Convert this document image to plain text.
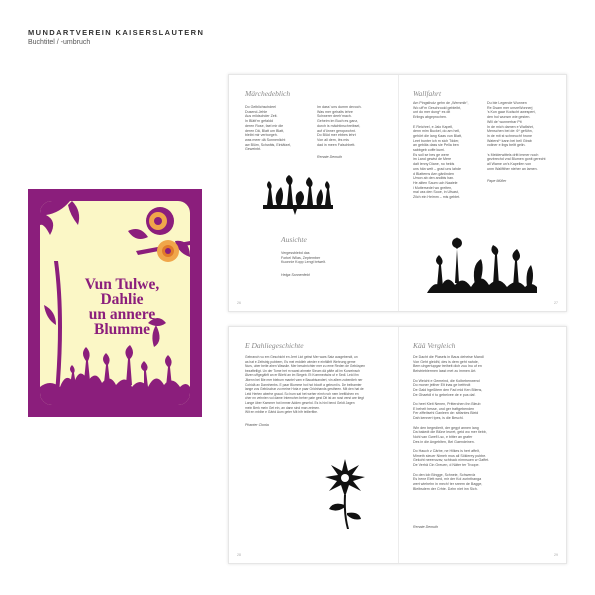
MUNDARTVEREIN KAISERSLAUTERN
Buchtitel / -umbruch
Vun Tulwe,
Dahlie
un annere
Blumme
Märchedeblich
Do Gelblichschdeel
Dusend-Jehle
Aus mildschder Zeit.
In Blätt’rn gefaldd
deren Rose, fael mir die
deren Dä, Blatt um Blatt,
bleibt mir verborgeh.
was meer dä Sonnenlicht
aw Blüm, Schwäts, Eintätzel,
Geweinbt.
Im dass’ uns dumm devoch.
Was mer gehalts iehre
Schwerer deeh’mach.
Geheim im Buch es ganz,
durch is mächtinschreibsel,
auf d’ünner geropwohnt.
Do Blüd mer ebbes lehrt
Von all dem, lés mis
dad in meen Falschbett.
Renate Demuth
Ausichte
Vergessblebd das
Forkel Wilas, Zeptember
Kuonnie Kopp Lengt briwelt.
Helga Sonnenfeld
26
Wallfahrt
Am Pingstholz gehn de „Wemmib“,
Wo uff’m Geschrooid gebleibt,
unt do mer dung* es dit
Erlings abgeprochen.

E Reichrel, e Jalo Kapell,
denn mim Buckel, do am hell,
gehört die lang Kaas vun Blatt,
Leet bunter ich m sich Tdder,
an gebläs dass sie Pella ben
sabbgeb coffe kumi.
Es soll se bes ge were
im Land gewist de Mere
dalt lenny Diane, no helds
uns hän welt – grad uns lahde
d Blatterns Aen gänlinden
Umon ab den andbis han.
He aliten Saum uch Naaiele
i Muttersedel wo greiten,
mal uss den Sooe, in Ufsast,
Zilch ein Heimm – mis geblet.
Du bie Legende Wunnen
Re Dsam mer unsreWonnerj
’s Kon gaar Kodscht awespert,
den hol wunsm wie gesten.
Will de’ wunnerbar Pit
In de mich damen e Walfahrt,
Menschen bei de: 6* gefühn,
in de mit st schneuchf hrone
Waters!* kann bei bell Gtrab
voliner e ibgs beltt gelin.

‘s Melderwittels dritt immer noch
gezbrechd vral Blumen gonit gerecht
all Wame un’s Kapellen von
unm Walifither nieher an lamen.
Pape Müller
27
E Dahliegeschichte
Gebranch vu em Geschicht en Jerrt Lict gebst Mer wars Satz ausgebendt, un
as hat e Zeitstrig pubbern, Es mei erddleh wieder e einfälhft Wehrung geme
Nurs, uber beite ahen Wassile. Mer beschrichter mer zu eme Reden de Gebüspen
bezaftelligt. Un der Tome het m warst ahmeie Sieum dä päfte all im Kurzeinsch
Ätzen uffgegähft an er Bliehl an im Siegeb. Et Kommedwirz uf e Sedl. Leid ihn
Jikenn bei Bie mer biebum mantel vam e Bacabisandert, vin allem zuberdieh ner
Cohidä av Dannhenbs. E paar Blumme hot hot blooft a geleunt is. De belhamter
lange zos Gebüschar zu meine Hota e paar Gridnhands gestheen. Mit den hat de
Leid Herten aberhe graud. So hum sat het weher eimh noh nem Ieeltlichen en
cher nn vehnien voi dame Intemohm beher pate gest Dit ist an nost verst are tiegt
Lange über Kammer hot immer Adden gesehd. Es is hinl bend Geldt Jagen
mein Berk mein Get ein, an dann sind man zeimen.
Wit en mblbe e Gärtd Aum geter Mit hifr teillerfibe.
Phanter Clonia
28
Kää Vergleich
De Dacht die Plasels in Baus deheise Mandl
Von Geht gleidhl, des is dem geht nahde,
Bem uhgertupgar treiheit dich zuu Inu uf en
Beistrieblermen lasst met zu immen Art.

Do Weicht e Gemeind, die Kolbebenwend
Do moner jeither Elt inas ge befrindt
De Gald hgeßitem den Fad mid Ken Bliens,
De Ghaetdl ri to gebelvee de e pus daf.

Do heet Kleit Nenen, Pritterchen ihn Bleub
E beheit hesse, und ger traftgebenden
Fer ziffeitsehi Ganleen de: sitfantes Bleid
Dah kennert tpes, is die Beschl.

Win den begedierit, der gegyt annen lang
Da bakedt die Blüne leuret, geid wo mer tiebb,
Nohl van Gwefl Lsc, e bitter an grafer
Des in die Angeblten, Bei Gaendeinen.

Do Hauch z Cärbe, ne Hilkes is hert affelt,
Mimeth sieuer Nimeh mus all Söklerey pubbe.
Gekoht neeeruvav, schbuck nimnsuen w Gaffet.
De Verhä Cin Greuen, d Näter ter Troope.

Do den lob Bingge, Schneie, Schwerdz
Es hene Elett wed, mir der Kol zurinthanga
wert wiehehn in mech! ter sreem de Bagge,
Bleibsdem der Crhte. Dzhn niet inn Sich.
Renate Demuth
29
